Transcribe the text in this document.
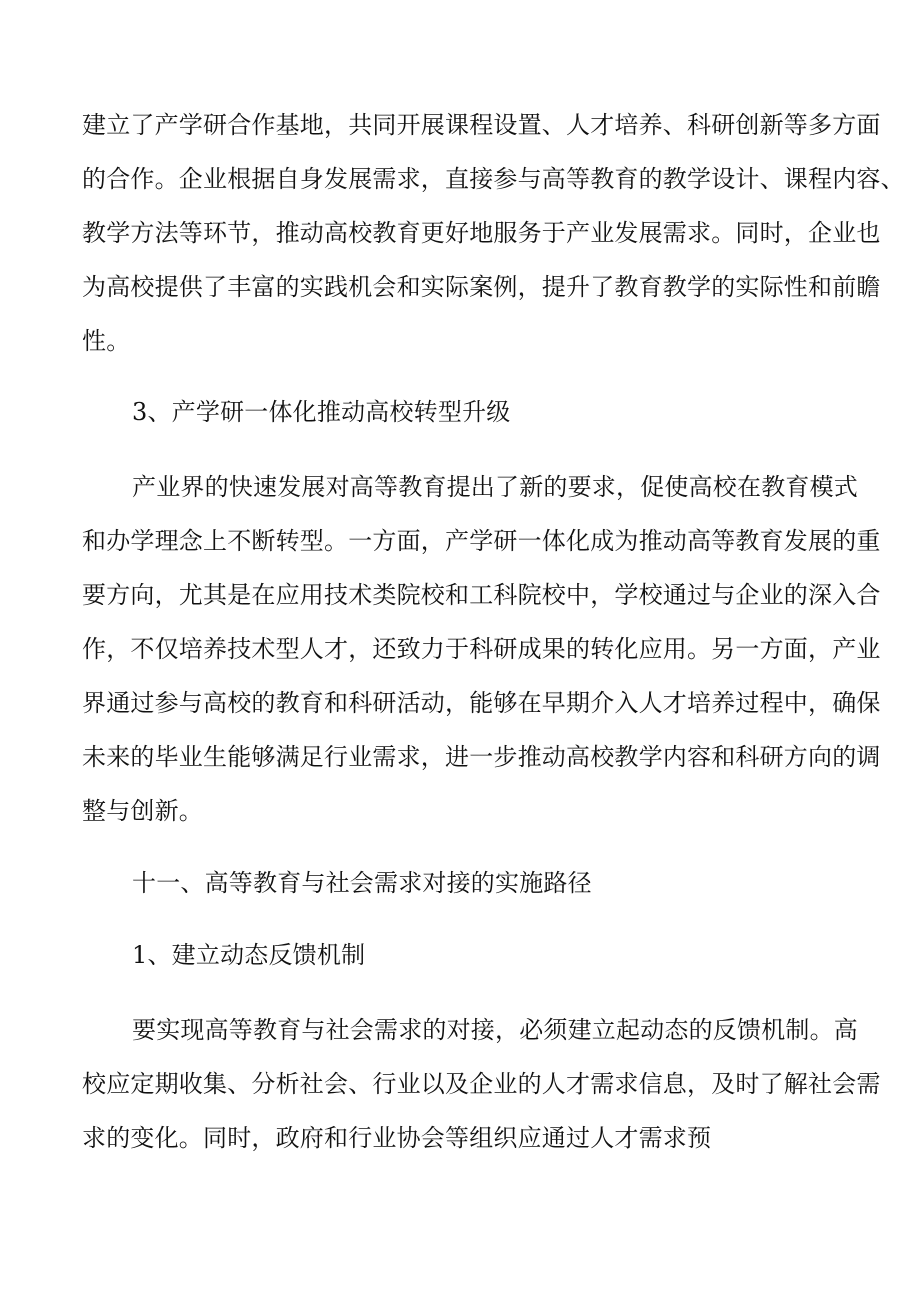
建立了产学研合作基地，共同开展课程设置、人才培养、科研创新等多方面
的合作。企业根据自身发展需求，直接参与高等教育的教学设计、课程内容、
教学方法等环节，推动高校教育更好地服务于产业发展需求。同时，企业也
为高校提供了丰富的实践机会和实际案例，提升了教育教学的实际性和前瞻
性。
3、产学研一体化推动高校转型升级
产业界的快速发展对高等教育提出了新的要求，促使高校在教育模式
和办学理念上不断转型。一方面，产学研一体化成为推动高等教育发展的重
要方向，尤其是在应用技术类院校和工科院校中，学校通过与企业的深入合
作，不仅培养技术型人才，还致力于科研成果的转化应用。另一方面，产业
界通过参与高校的教育和科研活动，能够在早期介入人才培养过程中，确保
未来的毕业生能够满足行业需求，进一步推动高校教学内容和科研方向的调
整与创新。
十一、高等教育与社会需求对接的实施路径
1、建立动态反馈机制
要实现高等教育与社会需求的对接，必须建立起动态的反馈机制。高
校应定期收集、分析社会、行业以及企业的人才需求信息，及时了解社会需
求的变化。同时，政府和行业协会等组织应通过人才需求预
